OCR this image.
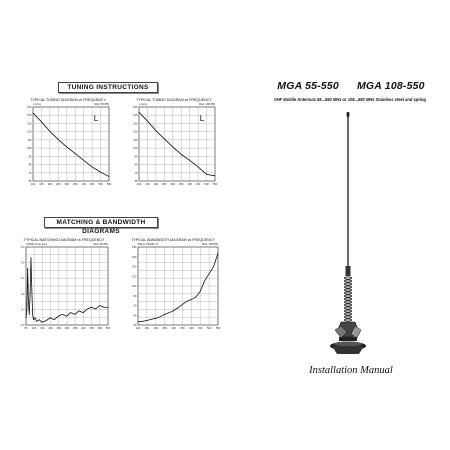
TUNING INSTRUCTIONS
TYPICAL TUNING DIAGRAM vs FREQUENCY
L (mm)	Mod. 55-550
155
145
135
125
115
105
95
85
75
65
100 150 200 250 300 350 400 450 500 550
L
TYPICAL TUNING DIAGRAM vs FREQUENCY
L (mm)	Mod. 108-550
155
145
135
125
115
105
95
85
75
65
100 150 200 250 300 350 400 450 500 550
L
MATCHING & BANDWIDTH DIAGRAMS
TYPICAL MATCHING DIAGRAM vs FREQUENCY
VSWR at the feed	Mod. 55-550
3.0
2.6
2.2
1.8
1.4
1.0
55 100 150 200 250 300 350 400 450 500 550
TYPICAL BANDWIDTH DIAGRAM vs FREQUENCY
BW at VSWR 1:5	Mod. 108-550
180
160
140
120
100
80
60
40
20
100 150 200 250 300 350 400 450 500 550
MGA 55-550 MGA 108-550
VHF Mobile Antennas 55...550 MHz or 108...550 MHz Stainless steel and spring
Installation Manual
